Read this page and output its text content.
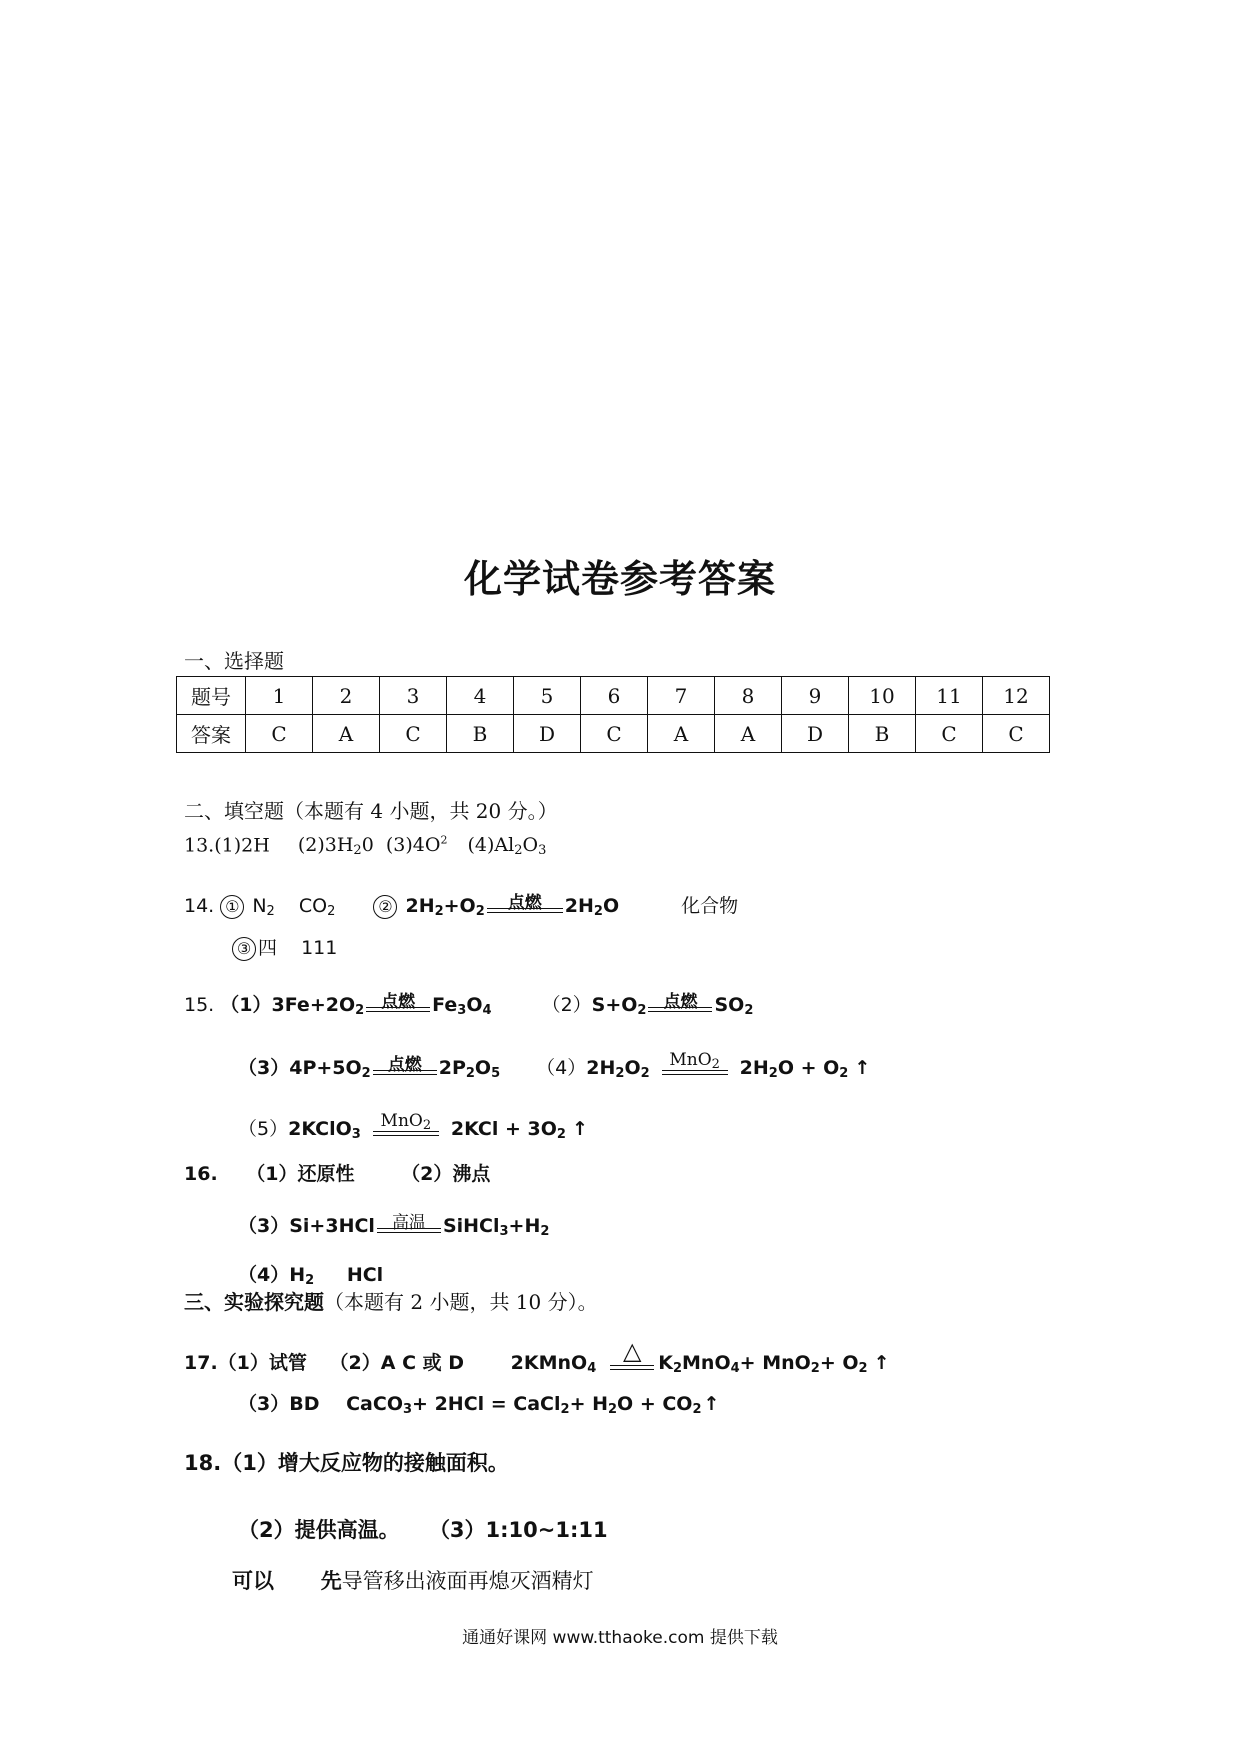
化学试卷参考答案
一、选择题
题号	1	2	3	4	5	6	7	8	9	10	11	12
答案	C	A	C	B	D	C	A	A	D	B	C	C
二、填空题（本题有 4 小题，共 20 分。）
13.(1)2H $(2)3H_20$ $(3)4O^2$ $(4)Al_2O_3$
14. ① $N_2$ $CO_2$	② $2H_2+O_2$	点燃	$2H_2O$	化合物
③ 四 111
15. $(1)3Fe+2O_2$	点燃 $Fe_3O_4$	$(2)S+O_2$	点燃 $SO_2$
$(3)4P+5O_2$	点燃 $2P_2O_5$ $(4)2H_2O_2$
MnO$_2$	$2H_2O + O_2$ ↑
（5）2KClO$_3$
MnO$_2$	$2KCl + 3O_2$ ↑
16. （1）还原性 （2）沸点
（3）Si+3HCl	高温 $SiHCl_3+H_2$
$(4)H_2$ HCl
三、实验探究题（本题有 2 小题，共 10 分）。
17.（1）试管 （2）A C 或 D 2KMnO$_4$
△ $K_2MnO_4+ MnO_2+ O_2$ ↑
（3）BD CaCO$_3$+ 2HCl = CaCl$_2$+ $H_2O + CO_2$ ↑
18.（1）增大反应物的接触面积。
（2）提供高温。 （3）1:10~1:11
可以 先导管移出液面再熄灭酒精灯
通通好课网 www.tthaoke.com 提供下载
